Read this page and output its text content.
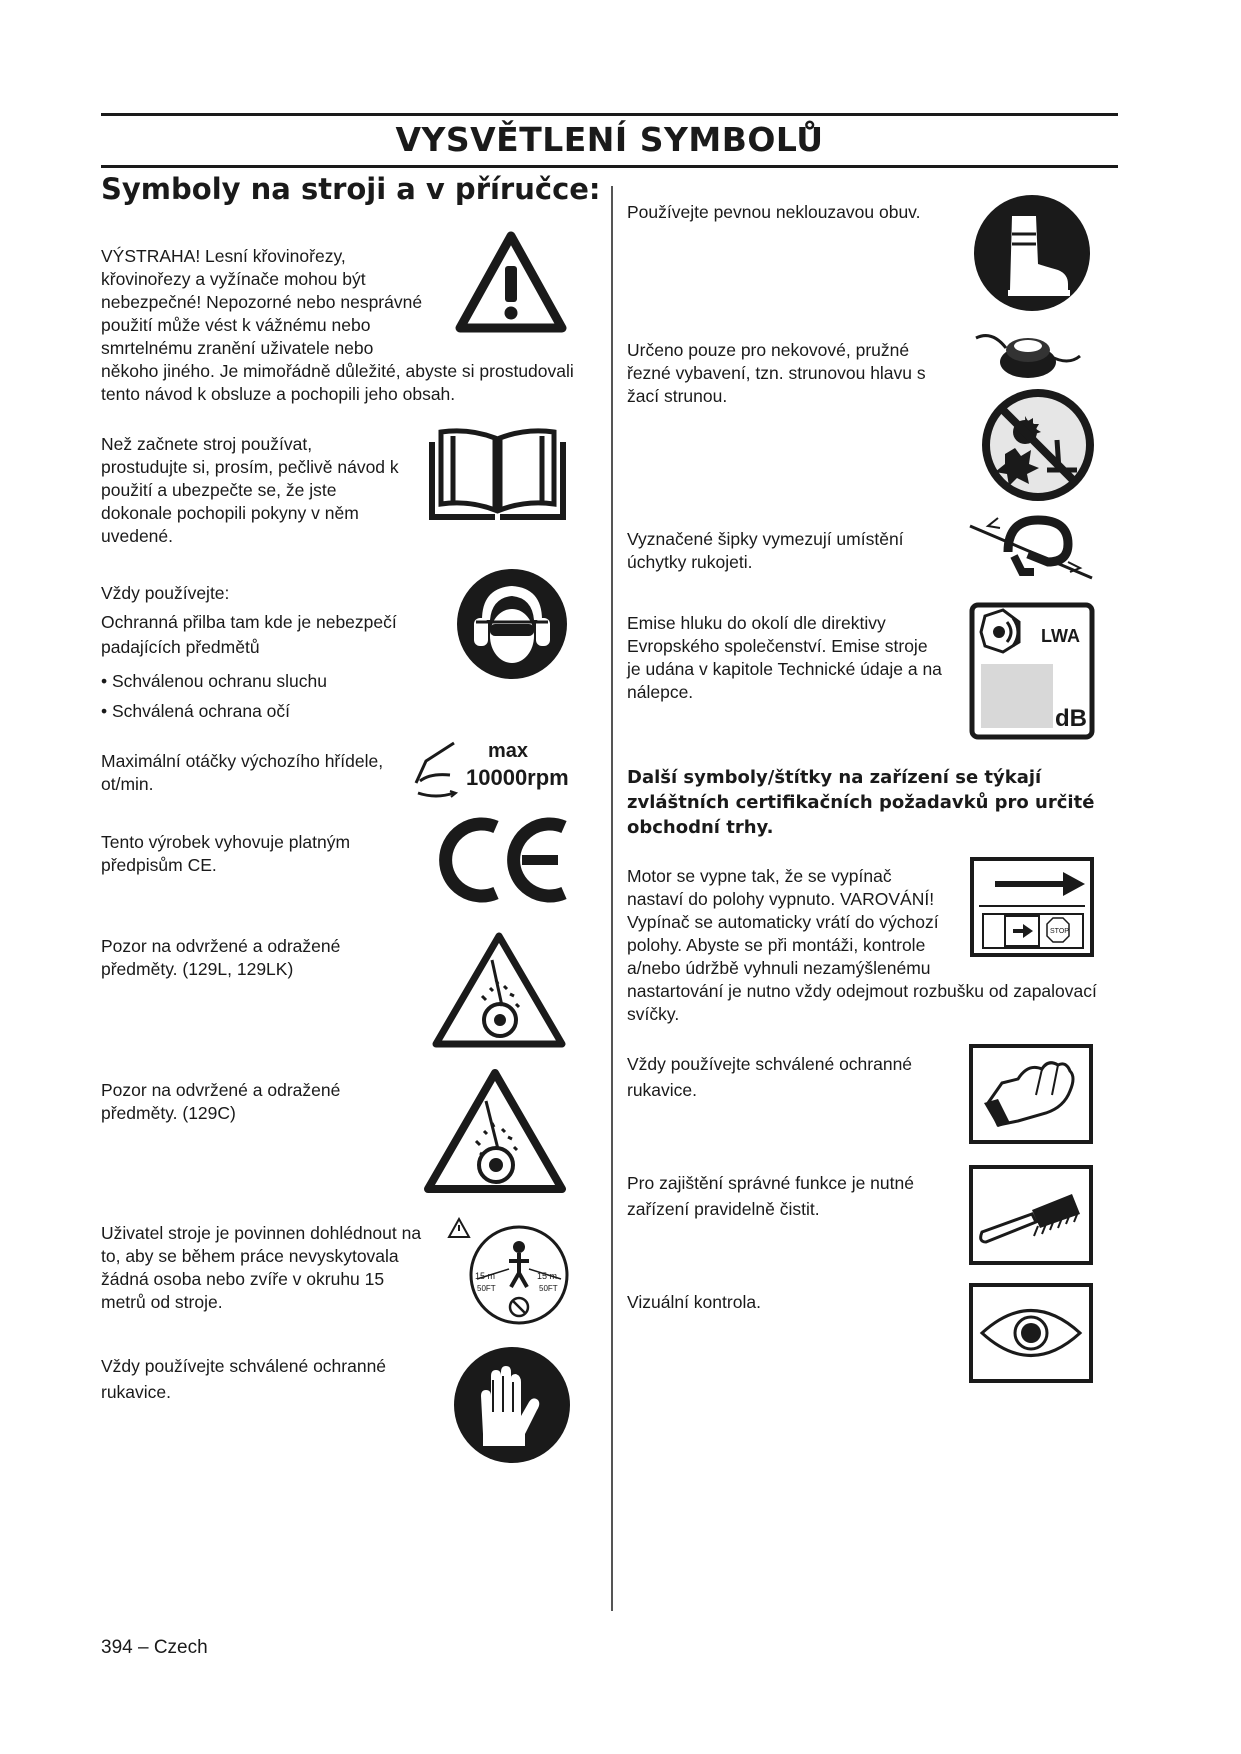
VYSVĚTLENÍ SYMBOLŮ
Symboly na stroji a v příručce:
VÝSTRAHA! Lesní křovinořezy,
křovinořezy a vyžínače mohou být
nebezpečné! Nepozorné nebo nesprávné
použití může vést k vážnému nebo
smrtelnému zranění uživatele nebo
někoho jiného. Je mimořádně důležité, abyste si prostudovali
tento návod k obsluze a pochopili jeho obsah.
Než začnete stroj používat,
prostudujte si, prosím, pečlivě návod k
použití a ubezpečte se, že jste
dokonale pochopili pokyny v něm
uvedené.
Vždy používejte:
Ochranná přilba tam kde je nebezpečí
padajících předmětů
• Schválenou ochranu sluchu
• Schválená ochrana očí
Maximální otáčky výchozího hřídele,
ot/min.
max
10000rpm
Tento výrobek vyhovuje platným
předpisům CE.
Pozor na odvržené a odražené
předměty. (129L, 129LK)
Pozor na odvržené a odražené
předměty. (129C)
Uživatel stroje je povinnen dohlédnout na
to, aby se během práce nevyskytovala
žádná osoba nebo zvíře v okruhu 15
metrů od stroje.
15 m
50FT
15 m
50FT
Vždy používejte schválené ochranné
rukavice.
Používejte pevnou neklouzavou obuv.
Určeno pouze pro nekovové, pružné
řezné vybavení, tzn. strunovou hlavu s
žací strunou.
Vyznačené šipky vymezují umístění
úchytky rukojeti.
Emise hluku do okolí dle direktivy
Evropského společenství. Emise stroje
je udána v kapitole Technické údaje a na
nálepce.
LWA
dB
Další symboly/štítky na zařízení se týkají
zvláštních certifikačních požadavků pro určité
obchodní trhy.
Motor se vypne tak, že se vypínač
nastaví do polohy vypnuto. VAROVÁNÍ!
Vypínač se automaticky vrátí do výchozí
polohy. Abyste se při montáži, kontrole
a/nebo údržbě vyhnuli nezamýšlenému
nastartování je nutno vždy odejmout rozbušku od zapalovací
svíčky.
STOP
Vždy používejte schválené ochranné
rukavice.
Pro zajištění správné funkce je nutné
zařízení pravidelně čistit.
Vizuální kontrola.
394 – Czech
